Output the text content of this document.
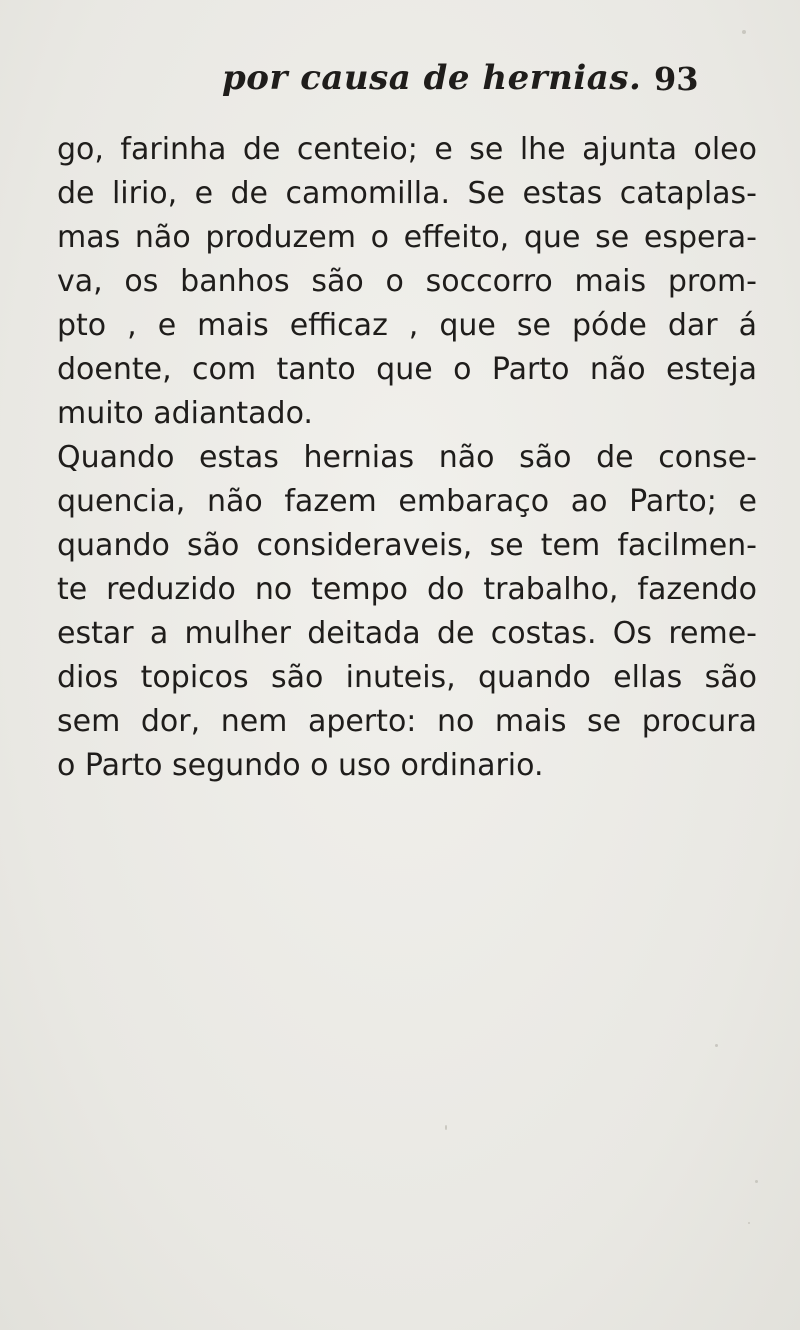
por causa de hernias. 93
go, farinha de centeio; e se lhe ajunta oleo
de lirio, e de camomilla. Se estas cataplas-
mas não produzem o effeito, que se espera-
va, os banhos são o soccorro mais prom-
pto , e mais efficaz , que se póde dar á
doente, com tanto que o Parto não esteja
muito adiantado.
Quando estas hernias não são de conse-
quencia, não fazem embaraço ao Parto; e
quando são consideraveis, se tem facilmen-
te reduzido no tempo do trabalho, fazendo
estar a mulher deitada de costas. Os reme-
dios topicos são inuteis, quando ellas são
sem dor, nem aperto: no mais se procura
o Parto segundo o uso ordinario.
